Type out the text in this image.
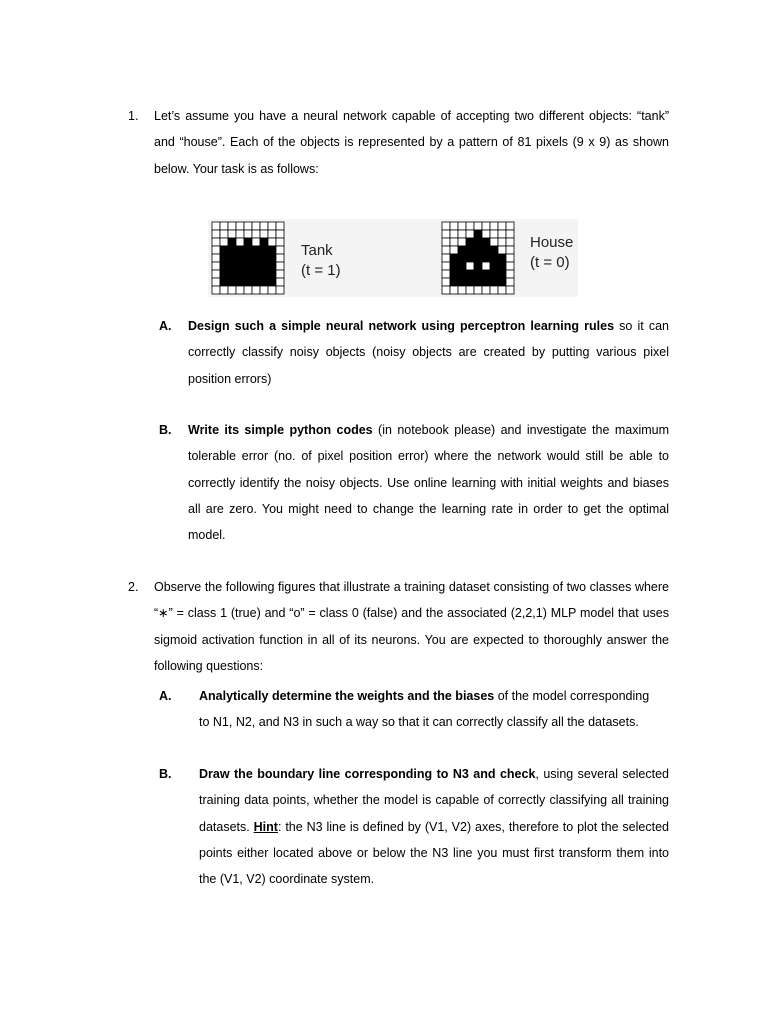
1. Let’s assume you have a neural network capable of accepting two different objects: “tank” and “house”. Each of the objects is represented by a pattern of 81 pixels (9 x 9) as shown below. Your task is as follows:
Tank
(t = 1)
House
(t = 0)
A. Design such a simple neural network using perceptron learning rules so it can correctly classify noisy objects (noisy objects are created by putting various pixel position errors)
B. Write its simple python codes (in notebook please) and investigate the maximum tolerable error (no. of pixel position error) where the network would still be able to correctly identify the noisy objects. Use online learning with initial weights and biases all are zero. You might need to change the learning rate in order to get the optimal model.
2. Observe the following figures that illustrate a training dataset consisting of two classes where “∗” = class 1 (true) and “o” = class 0 (false) and the associated (2,2,1) MLP model that uses sigmoid activation function in all of its neurons. You are expected to thoroughly answer the following questions:
A. Analytically determine the weights and the biases of the model corresponding to N1, N2, and N3 in such a way so that it can correctly classify all the datasets.
B. Draw the boundary line corresponding to N3 and check, using several selected training data points, whether the model is capable of correctly classifying all training datasets. Hint: the N3 line is defined by (V1, V2) axes, therefore to plot the selected points either located above or below the N3 line you must first transform them into the (V1, V2) coordinate system.
